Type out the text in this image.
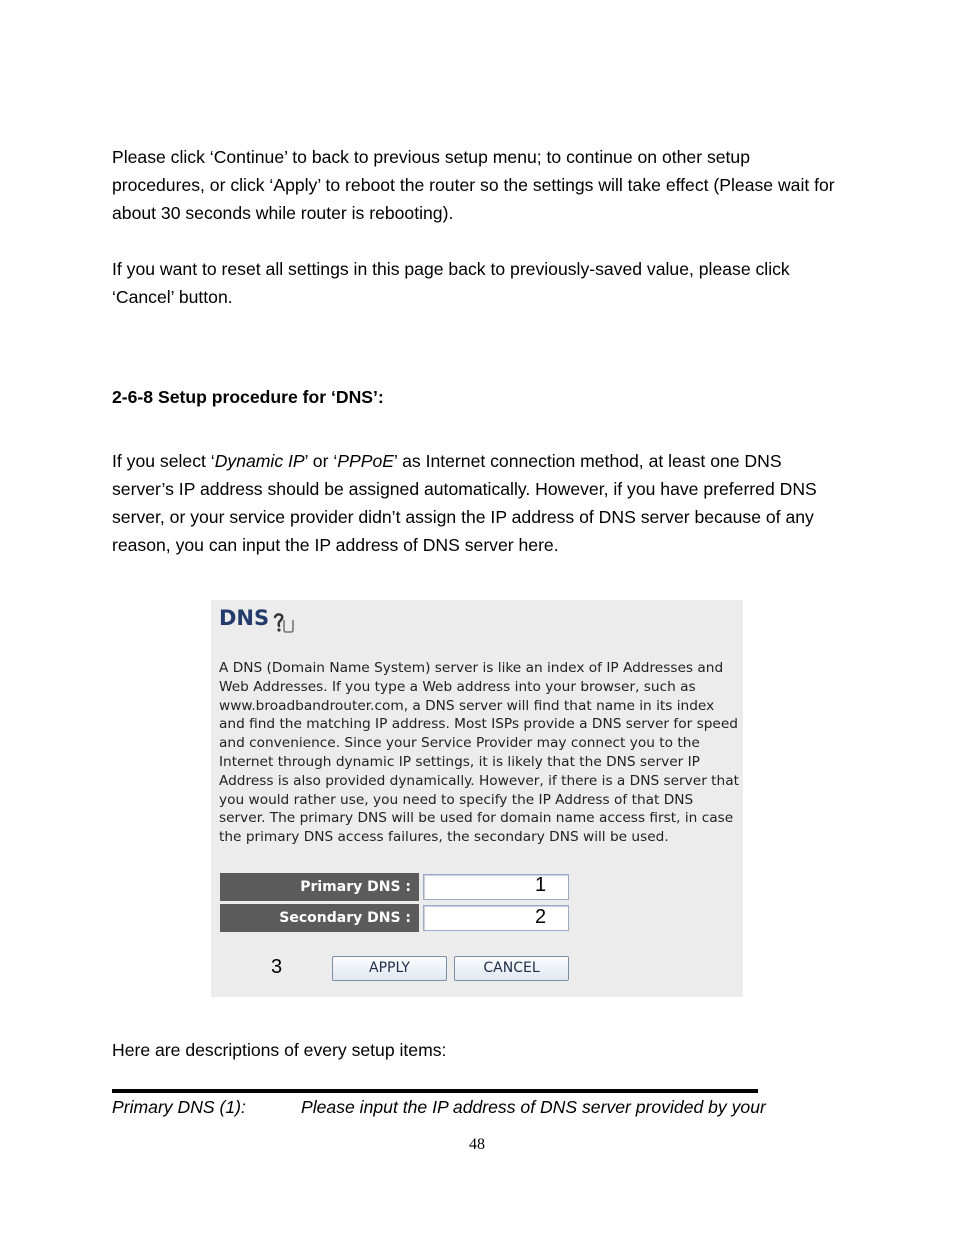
Please click ‘Continue’ to back to previous setup menu; to continue on other setup procedures, or click ‘Apply’ to reboot the router so the settings will take effect (Please wait for about 30 seconds while router is rebooting).

If you want to reset all settings in this page back to previously-saved value, please click ‘Cancel’ button.

2-6-8 Setup procedure for ‘DNS’:

If you select ‘Dynamic IP’ or ‘PPPoE’ as Internet connection method, at least one DNS server’s IP address should be assigned automatically. However, if you have preferred DNS server, or your service provider didn’t assign the IP address of DNS server because of any reason, you can input the IP address of DNS server here.

DNS

A DNS (Domain Name System) server is like an index of IP Addresses and Web Addresses. If you type a Web address into your browser, such as www.broadbandrouter.com, a DNS server will find that name in its index and find the matching IP address. Most ISPs provide a DNS server for speed and convenience. Since your Service Provider may connect you to the Internet through dynamic IP settings, it is likely that the DNS server IP Address is also provided dynamically. However, if there is a DNS server that you would rather use, you need to specify the IP Address of that DNS server. The primary DNS will be used for domain name access first, in case the primary DNS access failures, the secondary DNS will be used.

Primary DNS :	1
Secondary DNS :	2
3	APPLY	CANCEL

Here are descriptions of every setup items:

Primary DNS (1):	Please input the IP address of DNS server provided by your
48
